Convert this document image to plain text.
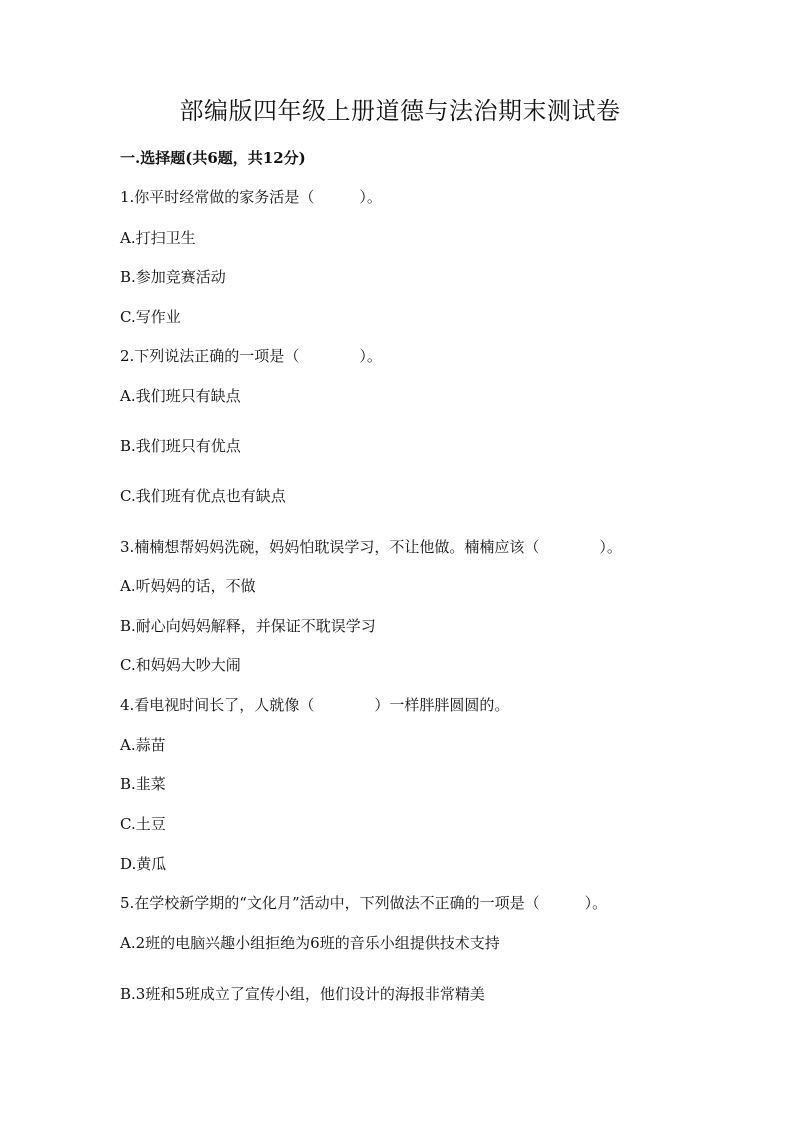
部编版四年级上册道德与法治期末测试卷

一.选择题(共6题，共12分)

1.你平时经常做的家务活是（　　　）。

A.打扫卫生

B.参加竞赛活动

C.写作业

2.下列说法正确的一项是（　　　　）。

A.我们班只有缺点

B.我们班只有优点

C.我们班有优点也有缺点

3.楠楠想帮妈妈洗碗，妈妈怕耽误学习，不让他做。楠楠应该（　　　　）。

A.听妈妈的话，不做

B.耐心向妈妈解释，并保证不耽误学习

C.和妈妈大吵大闹

4.看电视时间长了，人就像（　　　　）一样胖胖圆圆的。

A.蒜苗

B.韭菜

C.土豆

D.黄瓜

5.在学校新学期的“文化月”活动中，下列做法不正确的一项是（　　　）。

A.2班的电脑兴趣小组拒绝为6班的音乐小组提供技术支持

B.3班和5班成立了宣传小组，他们设计的海报非常精美
